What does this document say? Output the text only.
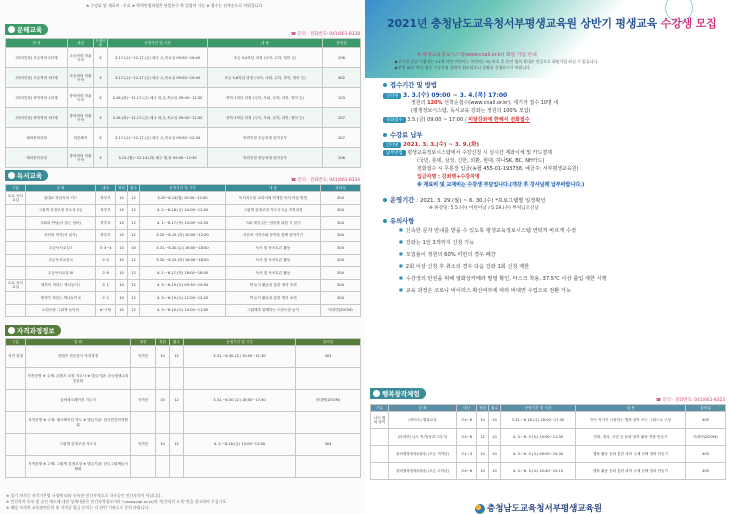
※ 수강료 및 재료비 : 무료 ※ 학력인정과정은 단일본수 학 일정이 가능 ※ 접수는 선착순으로 이뤄집니다
문해교육
☎ 문의 · 전화번호: 041)661-8328
과 정	대상	모집인원	운영기간 및 시간	내 용	강의실
(학력인정) 초등학력 2단계	초등학력 미취득자	5	3.17.(수)~12.17.(금) 매주 수,목요일 09:00~10:40	초등 3,4학년 과정 (국어, 수학, 영어 등)	206
(학력인정) 초등학력 3단계	초등학력 미취득자	5	3.17.(수)~12.17.(금) 매주 수,목요일 09:00~10:40	초등 5,6학년 과정 (국어, 사회, 수학, 과학, 영어 등)	402
(학력인정) 중학학력 1단계	중학학력 미취득자	5	3.16.(화)~12.17.(금) 매주 화,수,목요일 09:00~12:30	중학 1학년 과정 (국어, 사회, 수학, 과학, 영어 등)	203
(학력인정) 중학학력 3단계	중학학력 미취득자	5	3.16.(화)~12.17.(금) 매주 화,수,목요일 09:00~12:30	중학 3학년 과정 (국어, 사회, 수학, 과학, 영어 등)	207
예비중학과정	비문해자	5	3.17.(수)~12.17.(금) 매주 수,목요일 09:00~12:30	학력인정 초등과정 한자공부	207
예비중학과정	중학학력 미취득자	5	3.15.(월)~12.14.(화) 매주 월,화 09:00~12:30	학력인정 중등과정 한자공부	206
독서교육
☎ 문의 · 전화번호: 041)661-8334
구분	강 좌	대상	정원	횟수	운영기간 및 시간	내 용	강의실
토요 독서교실	열대로 학습독서 키드	학부모	15	12	3.20~6.14(월) 10:00~12:00	독서지도를 교과서에 연계한 독서 학습 방법	304
	그림책 감정코칭 지도사 2급	학부모	15	12	4. 2.~6.18.(금) 10:00~12:00	그림책 감정코칭 지도사 2급 자격과정	304
	시와의 만남(시 읽는 엄마)	학부모	15	12	4. 1.~6.17.(목) 10:00~12:00	시와 세상 읽는 엄마를 위한 시 읽기	304
	서산의 작가(서 읽기)	학부모	15	12	3.20.~6.15.(화) 10:00~12:00	서산의 지역사와 문학을 함께 알아가기	304
	초등독서교실 I	초 3~4	10	10	3.31.~6.30.(수) 16:00~18:00	독서 및 독서토론 활동	304
	초등독서교실 II	초 5	10	12	3.30.~6.15.(화) 16:00~18:00	독서 및 독서토론 활동	304
	초등독서교실 III	초 6	10	12	4. 1.~6.17.(목) 16:00~18:00	독서 및 독서토론 활동	304
토요 독서 교실	생각이 자라는 책나들이 I	초 1	10	12	4. 3.~6.19.(토) 09:30~10:50	책 놀이 활동을 통한 생각 표현	304
	생각이 자라는 책나들이 II	초 2	10	12	4. 3.~6.19.(토) 11:00~12:20	책 놀이 활동을 통한 생각 표현	304
	도란도란 그림책 놀이터	6~7세	10	12	4. 3.~6.19.(토) 10:00~11:00	그림책과 함께하는 도란도란 놀이	비대면(ZOOM)
자격과정정보
구분	강 좌	대상	정원	횟수	운영기간 및 시간	강의실
자격 과정	컨텐츠 전문강사 자격과정	자격증	10	12	3.31.~6.30.(수) 10:00~11:30	403
	자격증명 ※ 주제: 콘텐츠 코칭 지도사 ※ 발급기관: 한국평생교육진흥원					
	실버레크레이션 지도사	자격증	10	12	3.31.~6.30.(수) 16:00~17:30	비대면(ZOOM)
	자격증명 ※ 주제: 레크레이션 지도 ※ 발급기관: 한국민간자격협회					
	그림책 감정코칭 지도사	자격증	10	12	4. 2.~6.18.(금) 10:00~12:00	304
	자격증명 ※ 주제: 그림책 감정코칭 ※ 발급기관: 한국그림책놀이협회					
※ 상기 자격증 자격기본법 규정에 따라 등록한 민간자격으로 국가공인 민간자격이 아닙니다.
※ 민간자격 등록 및 공인 제도에 대한 상세내용은 민간자격정보서비스(www.pqi.or.kr)의 '민간자격 소개' 란을 참고하여 주십시오.
※ 해당 자격의 교육관련문의 및 자격증 발급 문의는 각 관련 기관으로 문의 바랍니다.
2021년 충청남도교육청서부평생교육원 상반기 평생교육 수강생 모집
※ 평생교육정보시스템(www.cnall.or.kr) 회원 가입 안내
▶로그인 신규 이용자는 14세 미만 어린이는 어린이(~R) 보호 후 본인 명의 휴대폰 인증으로 회원가입 하실 수 있습니다.
▶본인 ID가 아닌 경우 수강신청 강좌가 취소되오니 강좌를 신청하시기 바랍니다.
접수기간 및 방법
인터넷 3. 3.(수) 09:00 ~ 3. 4.(목) 17:00
정원의 120% 선착순접수(www.cnall.or.kr), 대기자 접수 10명 내
(평생정보시스템, 독서교육 강좌는 정원의 100% 모집)
전화접수 3.5.(금) 09:00 ~ 17:00 / 미달강좌에 한해서 전화접수
수강료 납부
인터넷 2021. 3. 3.(수) ~ 3. 9.(화)
납부방법 평생교육정보시스템에서 수강신청 시 실시간 계좌이체 및 카드결제
(국민, 롯데, 삼성, 신한, 외환, 현대, 하나SK, BC, NH카드)
전화접수 시 무통장 입금(농협 455-01-193738, 예금주: 서부평생교육원)
입금자명 : 강좌명+수강자명
※ 재료비 및 교재비는 수강생 부담입니다.(개강 후 강사님께 납부바랍니다.)
운영기간 : 2021. 3. 29.(월) ~ 6. 30.(수) *프로그램별 일정확인
※ 휴강일: 5.5.(수) 어린이날 / 5.19.(수) 부처님오신날
유의사항
■ 신속한 문자 안내를 받을 수 있도록 평생교육정보시스템 연락처 바르게 수정
■ 강좌는 1인 3개까지 신청 가능
■ 모집율이 정원의 60% 미만의 경우 폐강
■ 2회 이상 신청 후 취소의 경우 다음 강좌 1회 신청 제한
■ 수강생의 안전을 위해 열화상카메라 발열 확인, 마스크 착용, 37.5℃ 이상 출입 제한 시행
■ 교육 과정은 코로나 바이러스 확산여부에 따라 비대면 수업으로 전환 가능
행복창작체험
☎ 문의 · 전화번호: 041)661-8323
구분	강 좌	대상	정원	횟수	운영기간 및 시간	내 용	강의실
나도 행복 창작	(바이오) 행복교실	초4~6	10	10	3.31.~6.16.(수) 16:00~17:30	만든 작가가 사용하는 행복 창작 쓰는 그림으로 구성	405
	(비대면) 나도 작가(동화그리기)	초4~6	12	10	4. 3.~6. 5.(토) 10:00~11:30	만화, 영상, 사진 등 문화 창작 활용 작품 만들기	비대면(ZOOM)
	창의행복영화(테마) (초등 저학년)	초1~3	10	10	4. 3.~6. 5.(토) 09:00~10:30	행복 활동 동화 통한 과학 주제 선택 영화 만들기	405
	창의행복영화(테마) (초등 고학년)	초4~6	10	10	4. 3.~6. 5.(토) 10:40~12:10	행복 활동 동화 통한 과학 주제 선택 영화 만들기	405
충청남도교육청서부평생교육원
